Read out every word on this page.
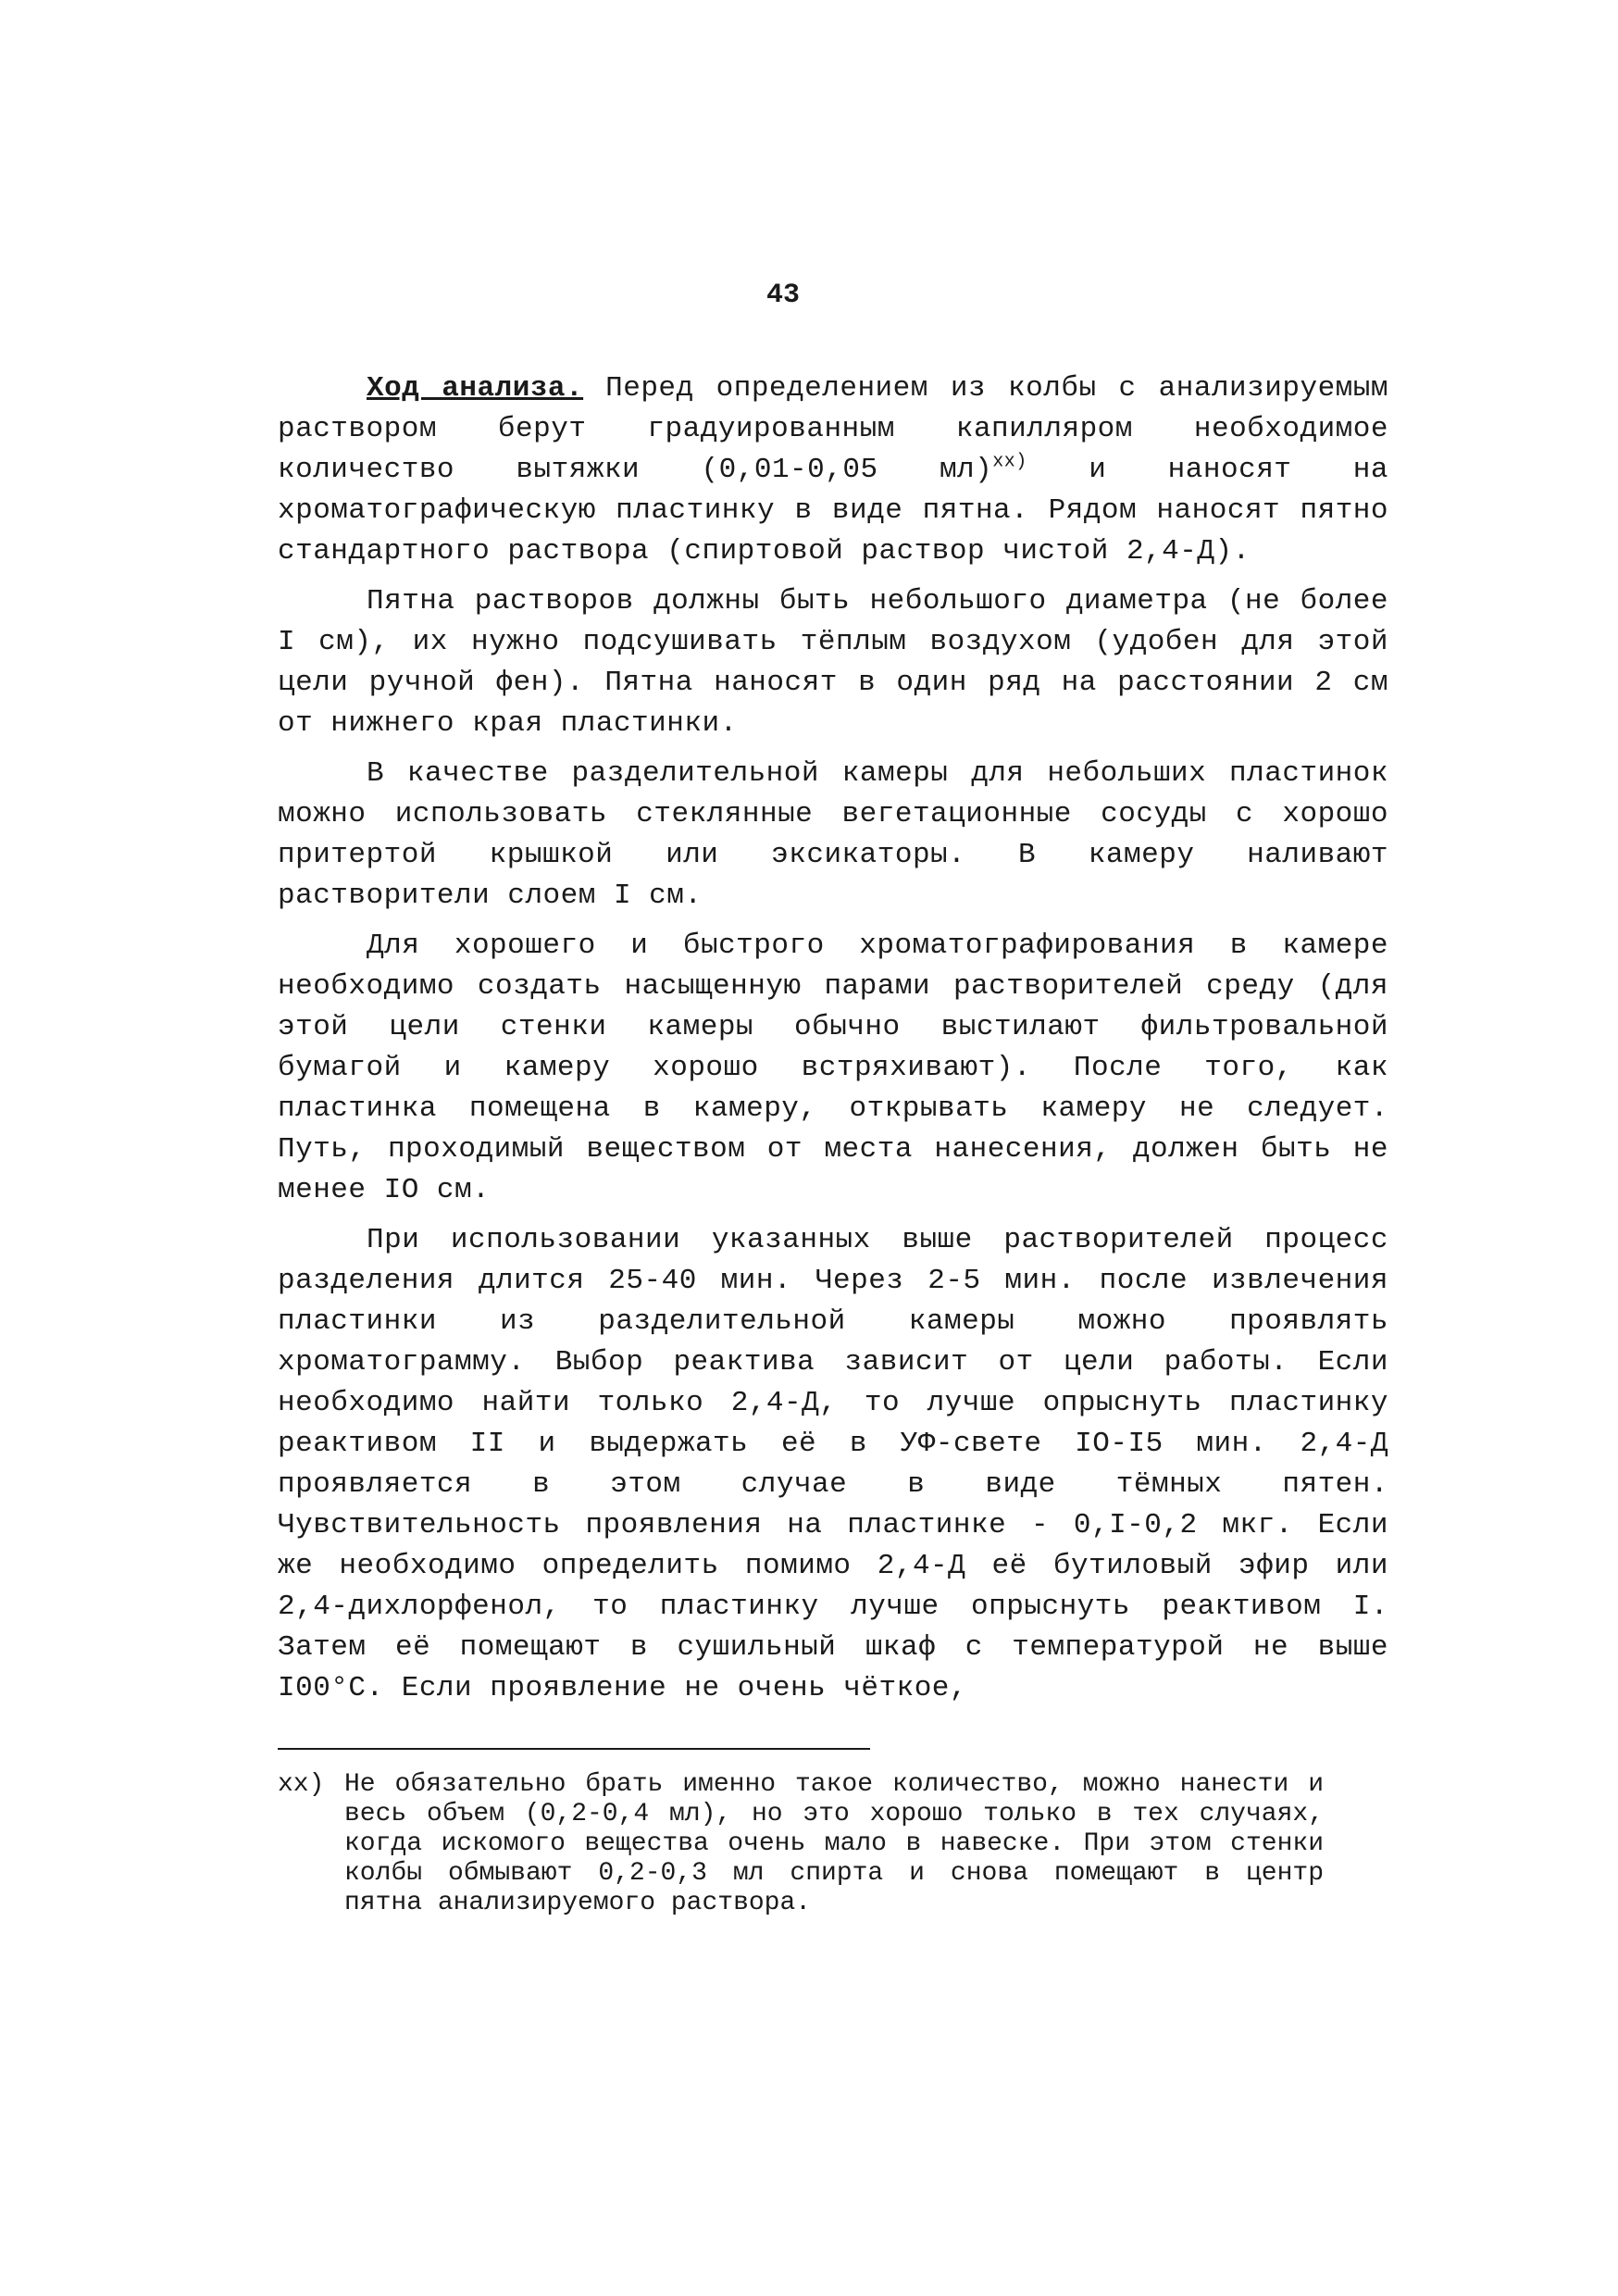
43

Ход анализа. Перед определением из колбы с анализируемым раствором берут градуированным капилляром необходимое количество вытяжки (0,01-0,05 мл)$^{xx)}$ и наносят на хроматографическую пластинку в виде пятна. Рядом наносят пятно стандартного раствора (спиртовой раствор чистой 2,4-Д).

Пятна растворов должны быть небольшого диаметра (не более I см), их нужно подсушивать тёплым воздухом (удобен для этой цели ручной фен). Пятна наносят в один ряд на расстоянии 2 см от нижнего края пластинки.

В качестве разделительной камеры для небольших пластинок можно использовать стеклянные вегетационные сосуды с хорошо притертой крышкой или эксикаторы. В камеру наливают растворители слоем I см.

Для хорошего и быстрого хроматографирования в камере необходимо создать насыщенную парами растворителей среду (для этой цели стенки камеры обычно выстилают фильтровальной бумагой и камеру хорошо встряхивают). После того, как пластинка помещена в камеру, открывать камеру не следует. Путь, проходимый веществом от места нанесения, должен быть не менее IO см.

При использовании указанных выше растворителей процесс разделения длится 25-40 мин. Через 2-5 мин. после извлечения пластинки из разделительной камеры можно проявлять хроматограмму. Выбор реактива зависит от цели работы. Если необходимо найти только 2,4-Д, то лучше опрыснуть пластинку реактивом II и выдержать её в УФ-свете IO-I5 мин. 2,4-Д проявляется в этом случае в виде тёмных пятен. Чувствительность проявления на пластинке - 0,I-0,2 мкг. Если же необходимо определить помимо 2,4-Д её бутиловый эфир или 2,4-дихлорфенол, то пластинку лучше опрыснуть реактивом I. Затем её помещают в сушильный шкаф с температурой не выше I00°С. Если проявление не очень чёткое,

xx) Не обязательно брать именно такое количество, можно нанести и весь объем (0,2-0,4 мл), но это хорошо только в тех случаях, когда искомого вещества очень мало в навеске. При этом стенки колбы обмывают 0,2-0,3 мл спирта и снова помещают в центр пятна анализируемого раствора.
